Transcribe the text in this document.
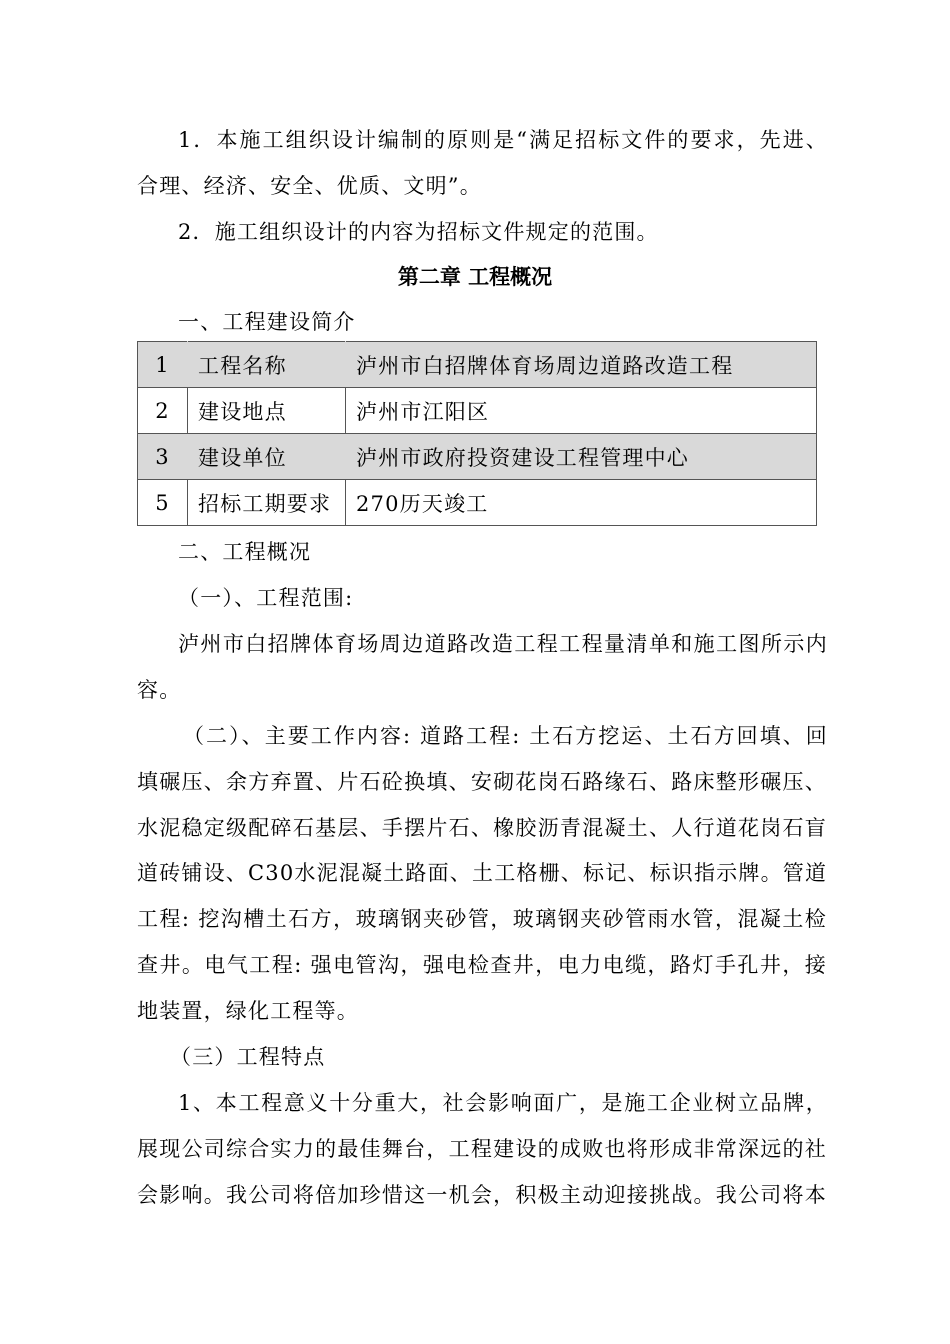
1．本施工组织设计编制的原则是“满足招标文件的要求，先进、
合理、经济、安全、优质、文明”。
2．施工组织设计的内容为招标文件规定的范围。
第二章 工程概况
一、工程建设简介
1	工程名称	泸州市白招牌体育场周边道路改造工程
2	建设地点	泸州市江阳区
3	建设单位	泸州市政府投资建设工程管理中心
5	招标工期要求	270历天竣工
二、工程概况
（一）、工程范围:
泸州市白招牌体育场周边道路改造工程工程量清单和施工图所示内
容。
（二）、主要工作内容: 道路工程: 土石方挖运、土石方回填、回
填碾压、余方弃置、片石砼换填、安砌花岗石路缘石、路床整形碾压、
水泥稳定级配碎石基层、手摆片石、橡胶沥青混凝土、人行道花岗石盲
道砖铺设、C30水泥混凝土路面、土工格栅、标记、标识指示牌。管道
工程: 挖沟槽土石方，玻璃钢夹砂管，玻璃钢夹砂管雨水管，混凝土检
查井。电气工程: 强电管沟，强电检查井，电力电缆，路灯手孔井，接
地装置，绿化工程等。
（三）工程特点
1、本工程意义十分重大，社会影响面广，是施工企业树立品牌，
展现公司综合实力的最佳舞台，工程建设的成败也将形成非常深远的社
会影响。我公司将倍加珍惜这一机会，积极主动迎接挑战。我公司将本
